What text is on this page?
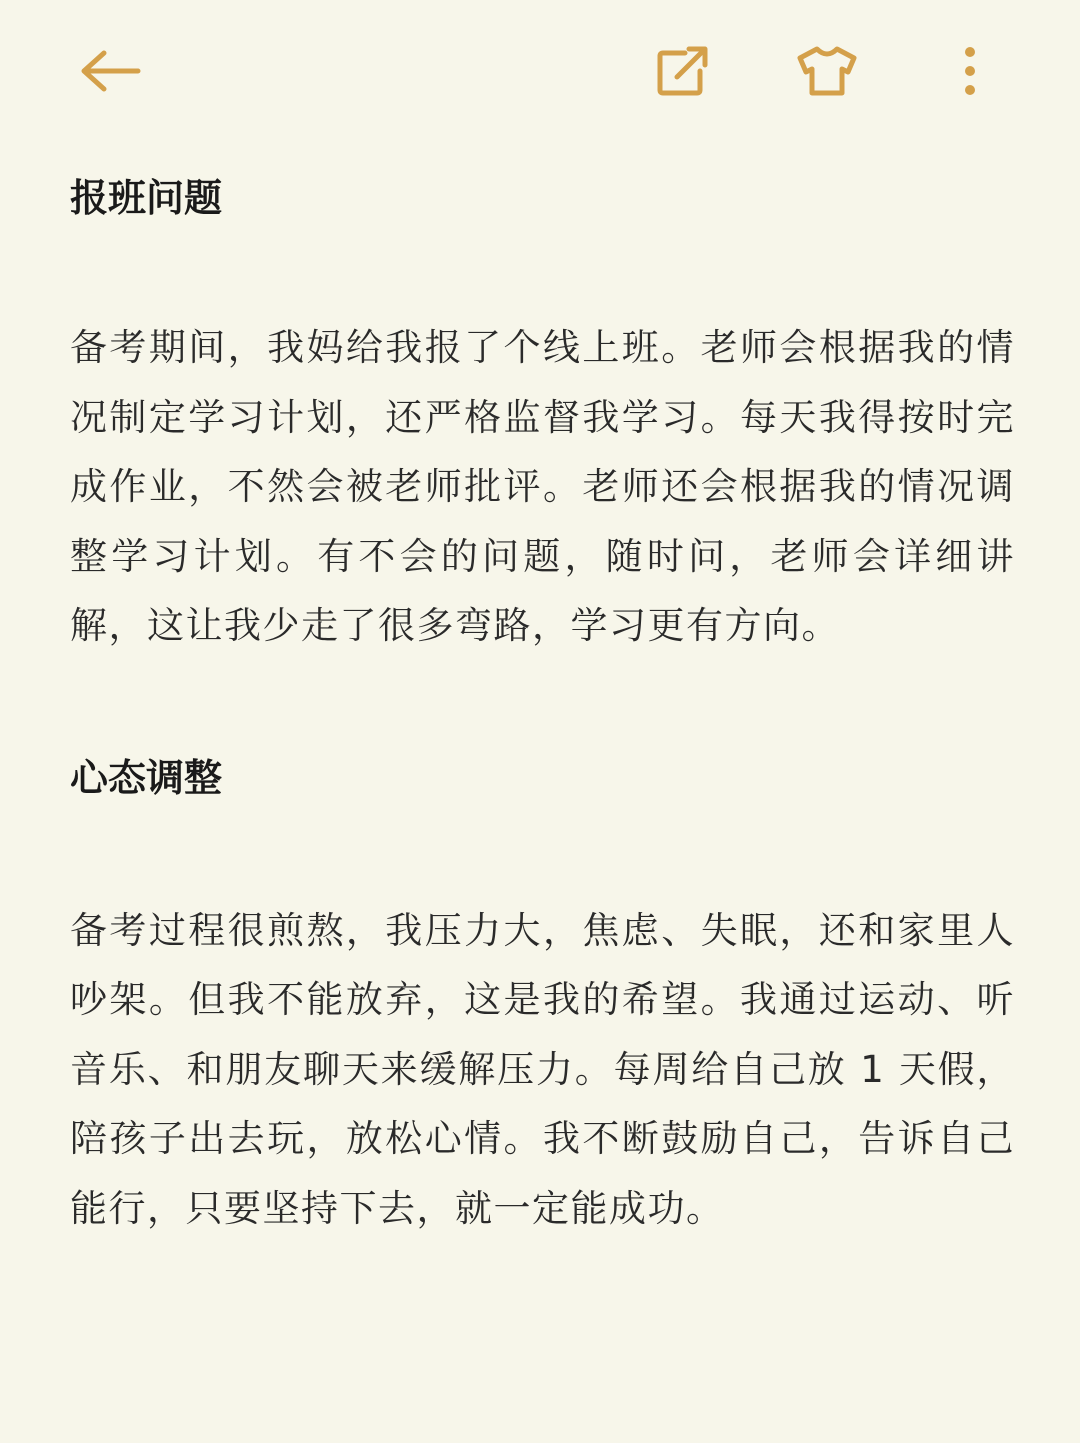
报班问题

备考期间，我妈给我报了个线上班。老师会根据我的情况制定学习计划，还严格监督我学习。每天我得按时完成作业，不然会被老师批评。老师还会根据我的情况调整学习计划。有不会的问题，随时问，老师会详细讲解，这让我少走了很多弯路，学习更有方向。

心态调整

备考过程很煎熬，我压力大，焦虑、失眠，还和家里人吵架。但我不能放弃，这是我的希望。我通过运动、听音乐、和朋友聊天来缓解压力。每周给自己放 1 天假，陪孩子出去玩，放松心情。我不断鼓励自己，告诉自己能行，只要坚持下去，就一定能成功。
